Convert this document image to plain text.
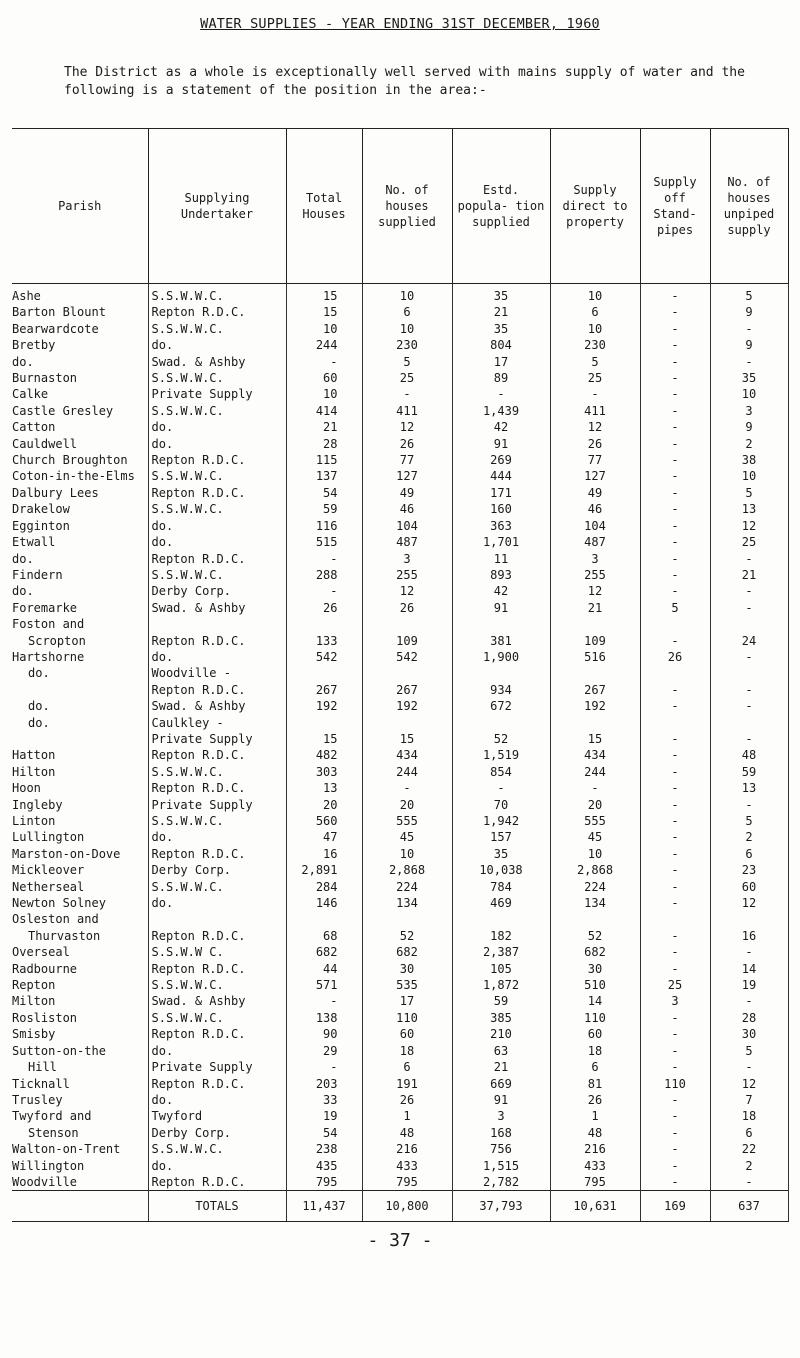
WATER SUPPLIES - YEAR ENDING 31ST DECEMBER, 1960
The District as a whole is exceptionally well served with mains supply of water and the following is a statement of the position in the area:-
Parish	Supplying Undertaker	Total Houses	No. of houses supplied	Estd. popula- tion supplied	Supply direct to property	Supply off Stand- pipes	No. of houses unpiped supply
Ashe	S.S.W.W.C.	15	10	35	10	-	5
Barton Blount	Repton R.D.C.	15	6	21	6	-	9
Bearwardcote	S.S.W.W.C.	10	10	35	10	-	-
Bretby	do.	244	230	804	230	-	9
do.	Swad. & Ashby	-	5	17	5	-	-
Burnaston	S.S.W.W.C.	60	25	89	25	-	35
Calke	Private Supply	10	-	-	-	-	10
Castle Gresley	S.S.W.W.C.	414	411	1,439	411	-	3
Catton	do.	21	12	42	12	-	9
Cauldwell	do.	28	26	91	26	-	2
Church Broughton	Repton R.D.C.	115	77	269	77	-	38
Coton-in-the-Elms	S.S.W.W.C.	137	127	444	127	-	10
Dalbury Lees	Repton R.D.C.	54	49	171	49	-	5
Drakelow	S.S.W.W.C.	59	46	160	46	-	13
Egginton	do.	116	104	363	104	-	12
Etwall	do.	515	487	1,701	487	-	25
do.	Repton R.D.C.	-	3	11	3	-	-
Findern	S.S.W.W.C.	288	255	893	255	-	21
do.	Derby Corp.	-	12	42	12	-	-
Foremarke	Swad. & Ashby	26	26	91	21	5	-
Foston and							
Scropton	Repton R.D.C.	133	109	381	109	-	24
Hartshorne	do.	542	542	1,900	516	26	-
do.	Woodville -						
	Repton R.D.C.	267	267	934	267	-	-
do.	Swad. & Ashby	192	192	672	192	-	-
do.	Caulkley -						
	Private Supply	15	15	52	15	-	-
Hatton	Repton R.D.C.	482	434	1,519	434	-	48
Hilton	S.S.W.W.C.	303	244	854	244	-	59
Hoon	Repton R.D.C.	13	-	-	-	-	13
Ingleby	Private Supply	20	20	70	20	-	-
Linton	S.S.W.W.C.	560	555	1,942	555	-	5
Lullington	do.	47	45	157	45	-	2
Marston-on-Dove	Repton R.D.C.	16	10	35	10	-	6
Mickleover	Derby Corp.	2,891	2,868	10,038	2,868	-	23
Netherseal	S.S.W.W.C.	284	224	784	224	-	60
Newton Solney	do.	146	134	469	134	-	12
Osleston and							
Thurvaston	Repton R.D.C.	68	52	182	52	-	16
Overseal	S.S.W.W C.	682	682	2,387	682	-	-
Radbourne	Repton R.D.C.	44	30	105	30	-	14
Repton	S.S.W.W.C.	571	535	1,872	510	25	19
Milton	Swad. & Ashby	-	17	59	14	3	-
Rosliston	S.S.W.W.C.	138	110	385	110	-	28
Smisby	Repton R.D.C.	90	60	210	60	-	30
Sutton-on-the	do.	29	18	63	18	-	5
Hill	Private Supply	-	6	21	6	-	-
Ticknall	Repton R.D.C.	203	191	669	81	110	12
Trusley	do.	33	26	91	26	-	7
Twyford and	Twyford	19	1	3	1	-	18
Stenson	Derby Corp.	54	48	168	48	-	6
Walton-on-Trent	S.S.W.W.C.	238	216	756	216	-	22
Willington	do.	435	433	1,515	433	-	2
Woodville	Repton R.D.C.	795	795	2,782	795	-	-
	TOTALS	11,437	10,800	37,793	10,631	169	637
- 37 -
